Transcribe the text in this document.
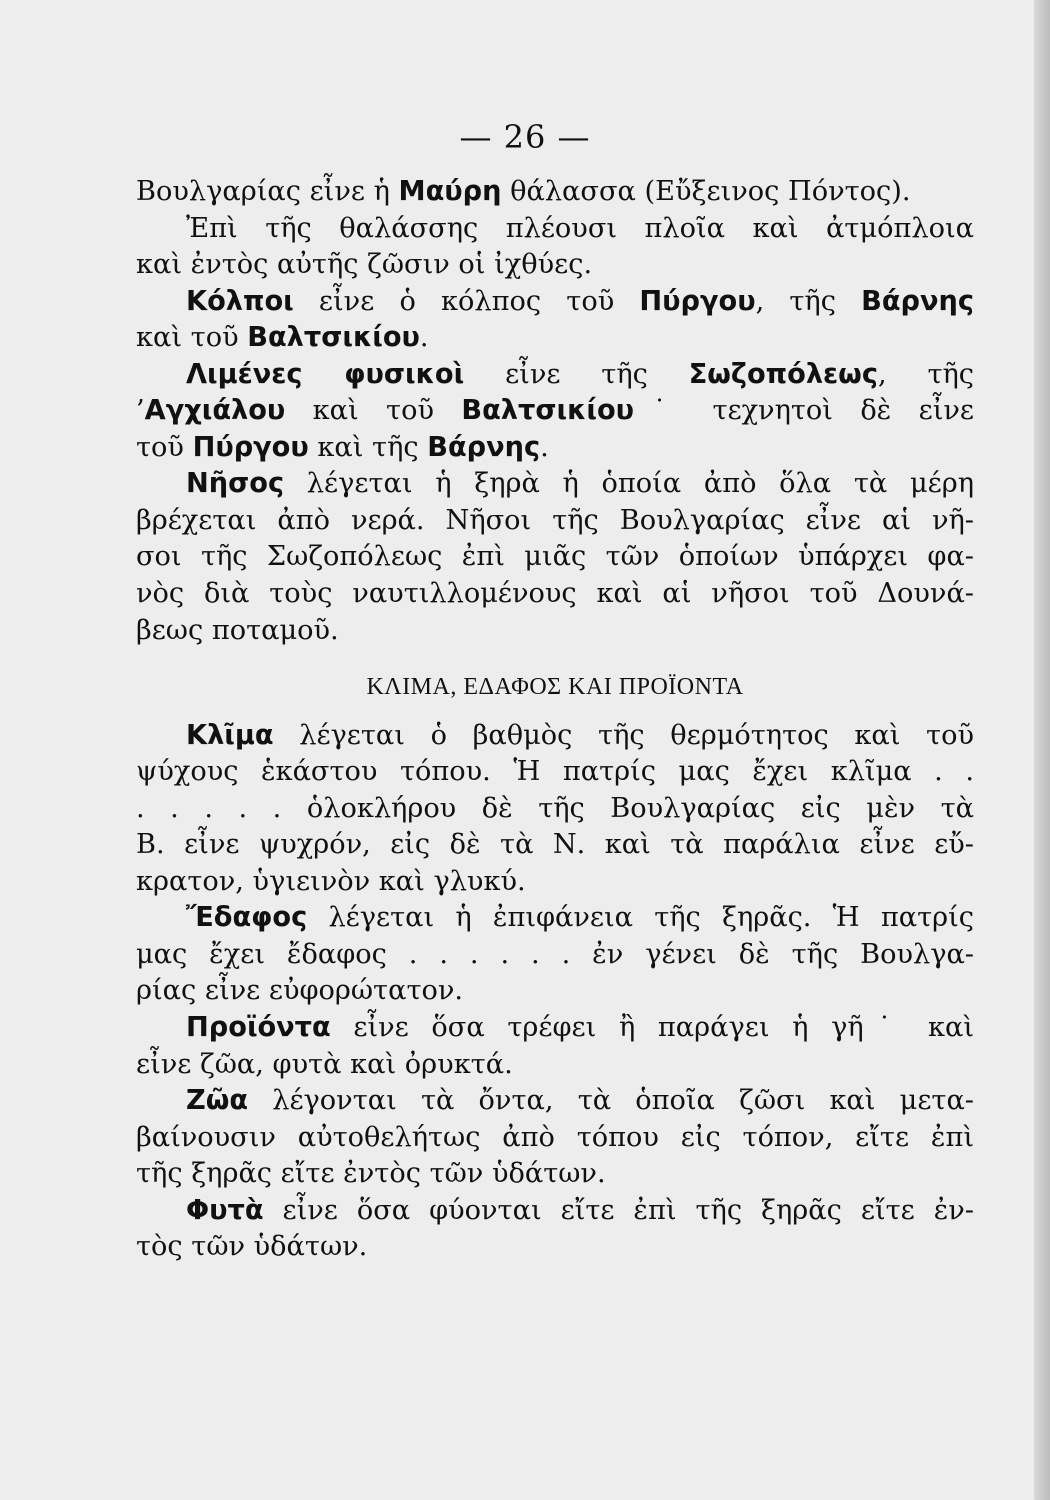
— 26 —
Βουλγαρίας εἶνε ἡ Μαύρη θάλασσα (Εὔξεινος Πόντος).
Ἐπὶ τῆς θαλάσσης πλέουσι πλοῖα καὶ ἀτμόπλοια
καὶ ἐντὸς αὐτῆς ζῶσιν οἱ ἰχθύες.
Κόλποι εἶνε ὁ κόλπος τοῦ Πύργου, τῆς Βάρνης
καὶ τοῦ Βαλτσικίου.
Λιμένες φυσικοὶ εἶνε τῆς Σωζοπόλεως, τῆς
’Αγχιάλου καὶ τοῦ Βαλτσικίου˙ τεχνητοὶ δὲ εἶνε
τοῦ Πύργου καὶ τῆς Βάρνης.
Νῆσος λέγεται ἡ ξηρὰ ἡ ὁποία ἀπὸ ὅλα τὰ μέρη
βρέχεται ἀπὸ νερά. Νῆσοι τῆς Βουλγαρίας εἶνε αἱ νῆ-
σοι τῆς Σωζοπόλεως ἐπὶ μιᾶς τῶν ὁποίων ὑπάρχει φα-
νὸς διὰ τοὺς ναυτιλλομένους καὶ αἱ νῆσοι τοῦ Δουνά-
βεως ποταμοῦ.
ΚΛΙΜΑ, ΕΔΑΦΟΣ ΚΑΙ ΠΡΟΪΟΝΤΑ
Κλῖμα λέγεται ὁ βαθμὸς τῆς θερμότητος καὶ τοῦ
ψύχους ἑκάστου τόπου. Ἡ πατρίς μας ἔχει κλῖμα . .
. . . . . ὁλοκλήρου δὲ τῆς Βουλγαρίας εἰς μὲν τὰ
Β. εἶνε ψυχρόν, εἰς δὲ τὰ Ν. καὶ τὰ παράλια εἶνε εὔ-
κρατον, ὑγιεινὸν καὶ γλυκύ.
Ἔδαφος λέγεται ἡ ἐπιφάνεια τῆς ξηρᾶς. Ἡ πατρίς
μας ἔχει ἔδαφος . . . . . . ἐν γένει δὲ τῆς Βουλγα-
ρίας εἶνε εὐφορώτατον.
Προϊόντα εἶνε ὅσα τρέφει ἢ παράγει ἡ γῆ˙ καὶ
εἶνε ζῶα, φυτὰ καὶ ὀρυκτά.
Ζῶα λέγονται τὰ ὄντα, τὰ ὁποῖα ζῶσι καὶ μετα-
βαίνουσιν αὐτοθελήτως ἀπὸ τόπου εἰς τόπον, εἴτε ἐπὶ
τῆς ξηρᾶς εἴτε ἐντὸς τῶν ὑδάτων.
Φυτὰ εἶνε ὅσα φύονται εἴτε ἐπὶ τῆς ξηρᾶς εἴτε ἐν-
τὸς τῶν ὑδάτων.
